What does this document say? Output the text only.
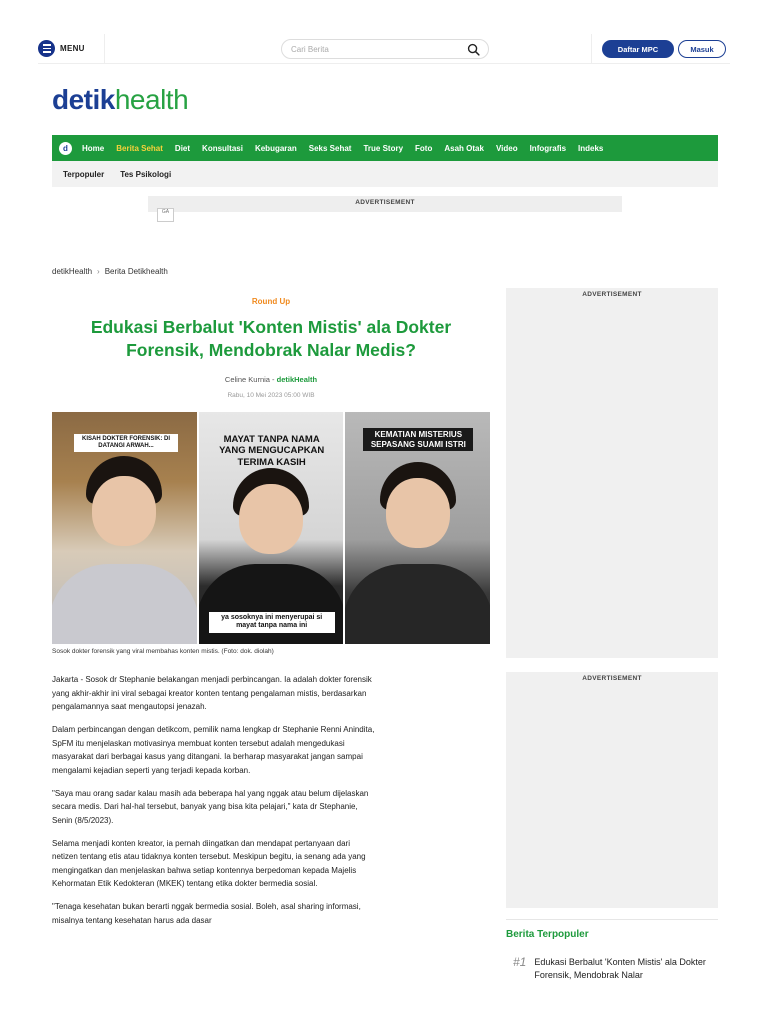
MENU
Cari Berita	Daftar MPC	Masuk
detikhealth
d	Home	Berita Sehat	Diet	Konsultasi	Kebugaran	Seks Sehat	True Story	Foto	Asah Otak	Video	Infografis	Indeks
Terpopuler	Tes Psikologi
ADVERTISEMENT
GA
detikHealth › Berita Detikhealth
Round Up
Edukasi Berbalut 'Konten Mistis' ala Dokter Forensik, Mendobrak Nalar Medis?
Celine Kurnia - detikHealth
Rabu, 10 Mei 2023 05:00 WIB
KISAH DOKTER FORENSIK: DI DATANGI ARWAH...
MAYAT TANPA NAMA YANG MENGUCAPKAN TERIMA KASIH
ya sosoknya ini menyerupai si mayat tanpa nama ini
KEMATIAN MISTERIUS SEPASANG SUAMI ISTRI
Sosok dokter forensik yang viral membahas konten mistis. (Foto: dok. diolah)

Jakarta - Sosok dr Stephanie belakangan menjadi perbincangan. Ia adalah dokter forensik yang akhir-akhir ini viral sebagai kreator konten tentang pengalaman mistis, berdasarkan pengalamannya saat mengautopsi jenazah.

Dalam perbincangan dengan detikcom, pemilik nama lengkap dr Stephanie Renni Anindita, SpFM itu menjelaskan motivasinya membuat konten tersebut adalah mengedukasi masyarakat dari berbagai kasus yang ditangani. Ia berharap masyarakat jangan sampai mengalami kejadian seperti yang terjadi kepada korban.

"Saya mau orang sadar kalau masih ada beberapa hal yang nggak atau belum dijelaskan secara medis. Dari hal-hal tersebut, banyak yang bisa kita pelajari," kata dr Stephanie, Senin (8/5/2023).

Selama menjadi konten kreator, ia pernah diingatkan dan mendapat pertanyaan dari netizen tentang etis atau tidaknya konten tersebut. Meskipun begitu, ia senang ada yang mengingatkan dan menjelaskan bahwa setiap kontennya berpedoman kepada Majelis Kehormatan Etik Kedokteran (MKEK) tentang etika dokter bermedia sosial.

"Tenaga kesehatan bukan berarti nggak bermedia sosial. Boleh, asal sharing informasi, misalnya tentang kesehatan harus ada dasar

ADVERTISEMENT
ADVERTISEMENT
Berita Terpopuler
#1 Edukasi Berbalut 'Konten Mistis' ala Dokter Forensik, Mendobrak Nalar
